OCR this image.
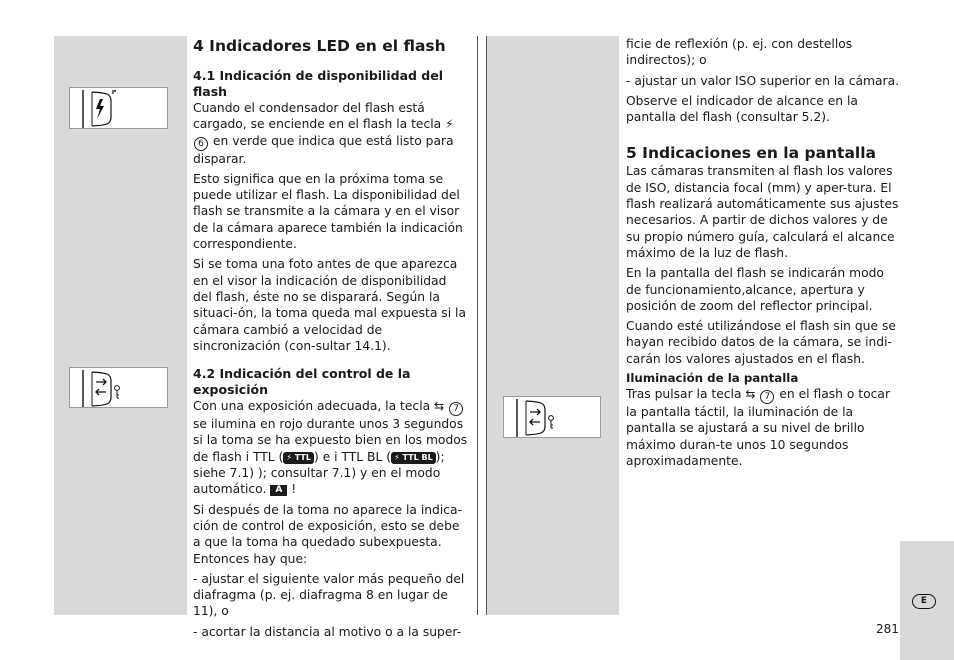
4 Indicadores LED en el flash
4.1 Indicación de disponibilidad del flash

Cuando el condensador del flash está cargado, se enciende en el flash la tecla ⚡6 en verde que indica que está listo para disparar.

Esto significa que en la próxima toma se puede utilizar el flash. La disponibilidad del flash se transmite a la cámara y en el visor de la cámara aparece también la indicación correspondiente.

Si se toma una foto antes de que aparezca en el visor la indicación de disponibilidad del flash, éste no se disparará. Según la situaci-ón, la toma queda mal expuesta si la cámara cambió a velocidad de sincronización (con-sultar 14.1).

4.2 Indicación del control de la exposición

Con una exposición adecuada, la tecla ⇆ 7 se ilumina en rojo durante unos 3 segundos si la toma se ha expuesto bien en los modos de flash i TTL ( ⚡ TTL ) e i TTL BL ( ⚡ TTL BL ); siehe 7.1) ); consultar 7.1) y en el modo automático. A !

Si después de la toma no aparece la indica-ción de control de exposición, esto se debe a que la toma ha quedado subexpuesta. Entonces hay que:

- ajustar el siguiente valor más pequeño del diafragma (p. ej. diafragma 8 en lugar de 11), o

- acortar la distancia al motivo o a la super-

ficie de reflexión (p. ej. con destellos indirectos); o

- ajustar un valor ISO superior en la cámara.

Observe el indicador de alcance en la pantalla del flash (consultar 5.2).

5 Indicaciones en la pantalla

Las cámaras transmiten al flash los valores de ISO, distancia focal (mm) y aper-tura. El flash realizará automáticamente sus ajustes necesarios. A partir de dichos valores y de su propio número guía, calculará el alcance máximo de la luz de flash.

En la pantalla del flash se indicarán modo de funcionamiento,alcance, apertura y posición de zoom del reflector principal.

Cuando esté utilizándose el flash sin que se hayan recibido datos de la cámara, se indi-carán los valores ajustados en el flash.

Iluminación de la pantalla

Tras pulsar la tecla ⇆ 7 en el flash o tocar la pantalla táctil, la iluminación de la pantalla se ajustará a su nivel de brillo máximo duran-te unos 10 segundos aproximadamente.

E
281
